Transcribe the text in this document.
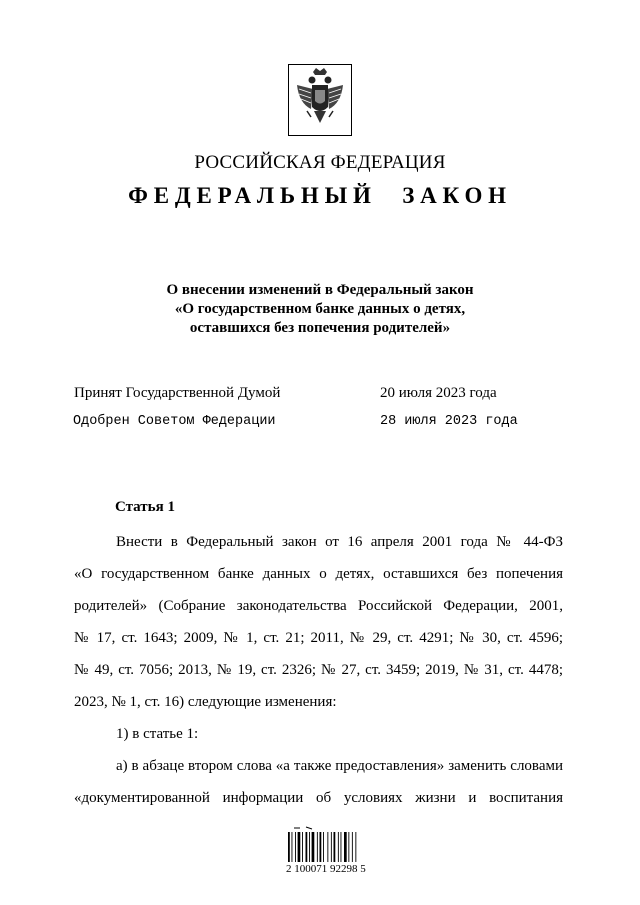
РОССИЙСКАЯ ФЕДЕРАЦИЯ
ФЕДЕРАЛЬНЫЙ ЗАКОН
О внесении изменений в Федеральный закон
«О государственном банке данных о детях,
оставшихся без попечения родителей»
Принят Государственной Думой	20 июля 2023 года
Одобрен Советом Федерации	28 июля 2023 года
Статья 1
Внести в Федеральный закон от 16 апреля 2001 года № 44-ФЗ
«О государственном банке данных о детях, оставшихся без попечения
родителей» (Собрание законодательства Российской Федерации, 2001,
№ 17, ст. 1643; 2009, № 1, ст. 21; 2011, № 29, ст. 4291; № 30, ст. 4596;
№ 49, ст. 7056; 2013, № 19, ст. 2326; № 27, ст. 3459; 2019, № 31, ст. 4478;
2023, № 1, ст. 16) следующие изменения:
1) в статье 1:
а) в абзаце втором слова «а также предоставления» заменить словами
«документированной информации об условиях жизни и воспитания
2 100071 92298 5
